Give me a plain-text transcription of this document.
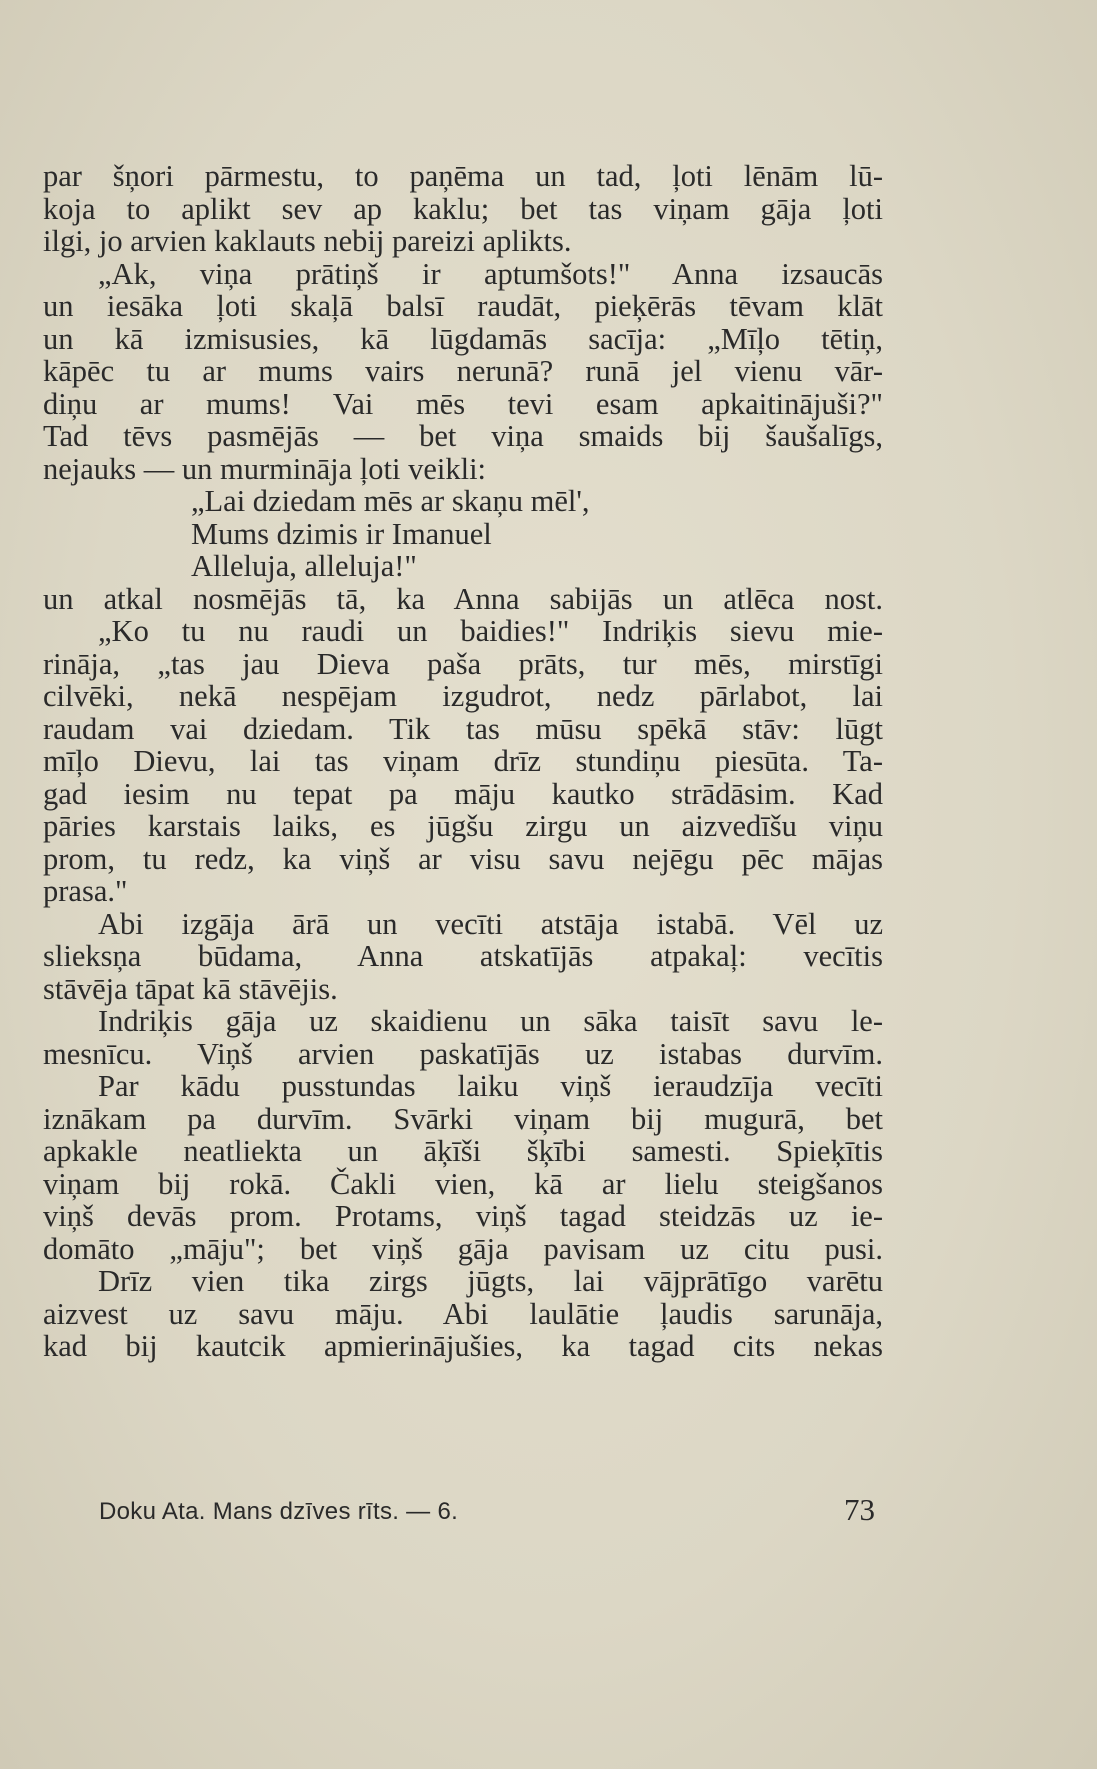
par šņori pārmestu, to paņēma un tad, ļoti lēnām lū-
koja to aplikt sev ap kaklu; bet tas viņam gāja ļoti
ilgi, jo arvien kaklauts nebij pareizi aplikts.
„Ak, viņa prātiņš ir aptumšots!" Anna izsaucās
un iesāka ļoti skaļā balsī raudāt, pieķērās tēvam klāt
un kā izmisusies, kā lūgdamās sacīja: „Mīļo tētiņ,
kāpēc tu ar mums vairs nerunā? runā jel vienu vār-
diņu ar mums! Vai mēs tevi esam apkaitinājuši?"
Tad tēvs pasmējās — bet viņa smaids bij šaušalīgs,
nejauks — un murmināja ļoti veikli:
„Lai dziedam mēs ar skaņu mēl',
Mums dzimis ir Imanuel
Alleluja, alleluja!"
un atkal nosmējās tā, ka Anna sabijās un atlēca nost.
„Ko tu nu raudi un baidies!" Indriķis sievu mie-
rināja, „tas jau Dieva paša prāts, tur mēs, mirstīgi
cilvēki, nekā nespējam izgudrot, nedz pārlabot, lai
raudam vai dziedam. Tik tas mūsu spēkā stāv: lūgt
mīļo Dievu, lai tas viņam drīz stundiņu piesūta. Ta-
gad iesim nu tepat pa māju kautko strādāsim. Kad
pāries karstais laiks, es jūgšu zirgu un aizvedīšu viņu
prom, tu redz, ka viņš ar visu savu nejēgu pēc mājas
prasa."
Abi izgāja ārā un vecīti atstāja istabā. Vēl uz
slieksņa būdama, Anna atskatījās atpakaļ: vecītis
stāvēja tāpat kā stāvējis.
Indriķis gāja uz skaidienu un sāka taisīt savu le-
mesnīcu. Viņš arvien paskatījās uz istabas durvīm.
Par kādu pusstundas laiku viņš ieraudzīja vecīti
iznākam pa durvīm. Svārki viņam bij mugurā, bet
apkakle neatliekta un āķīši šķībi samesti. Spieķītis
viņam bij rokā. Čakli vien, kā ar lielu steigšanos
viņš devās prom. Protams, viņš tagad steidzās uz ie-
domāto „māju"; bet viņš gāja pavisam uz citu pusi.
Drīz vien tika zirgs jūgts, lai vājprātīgo varētu
aizvest uz savu māju. Abi laulātie ļaudis sarunāja,
kad bij kautcik apmierinājušies, ka tagad cits nekas
Doku Ata. Mans dzīves rīts. — 6.	73
